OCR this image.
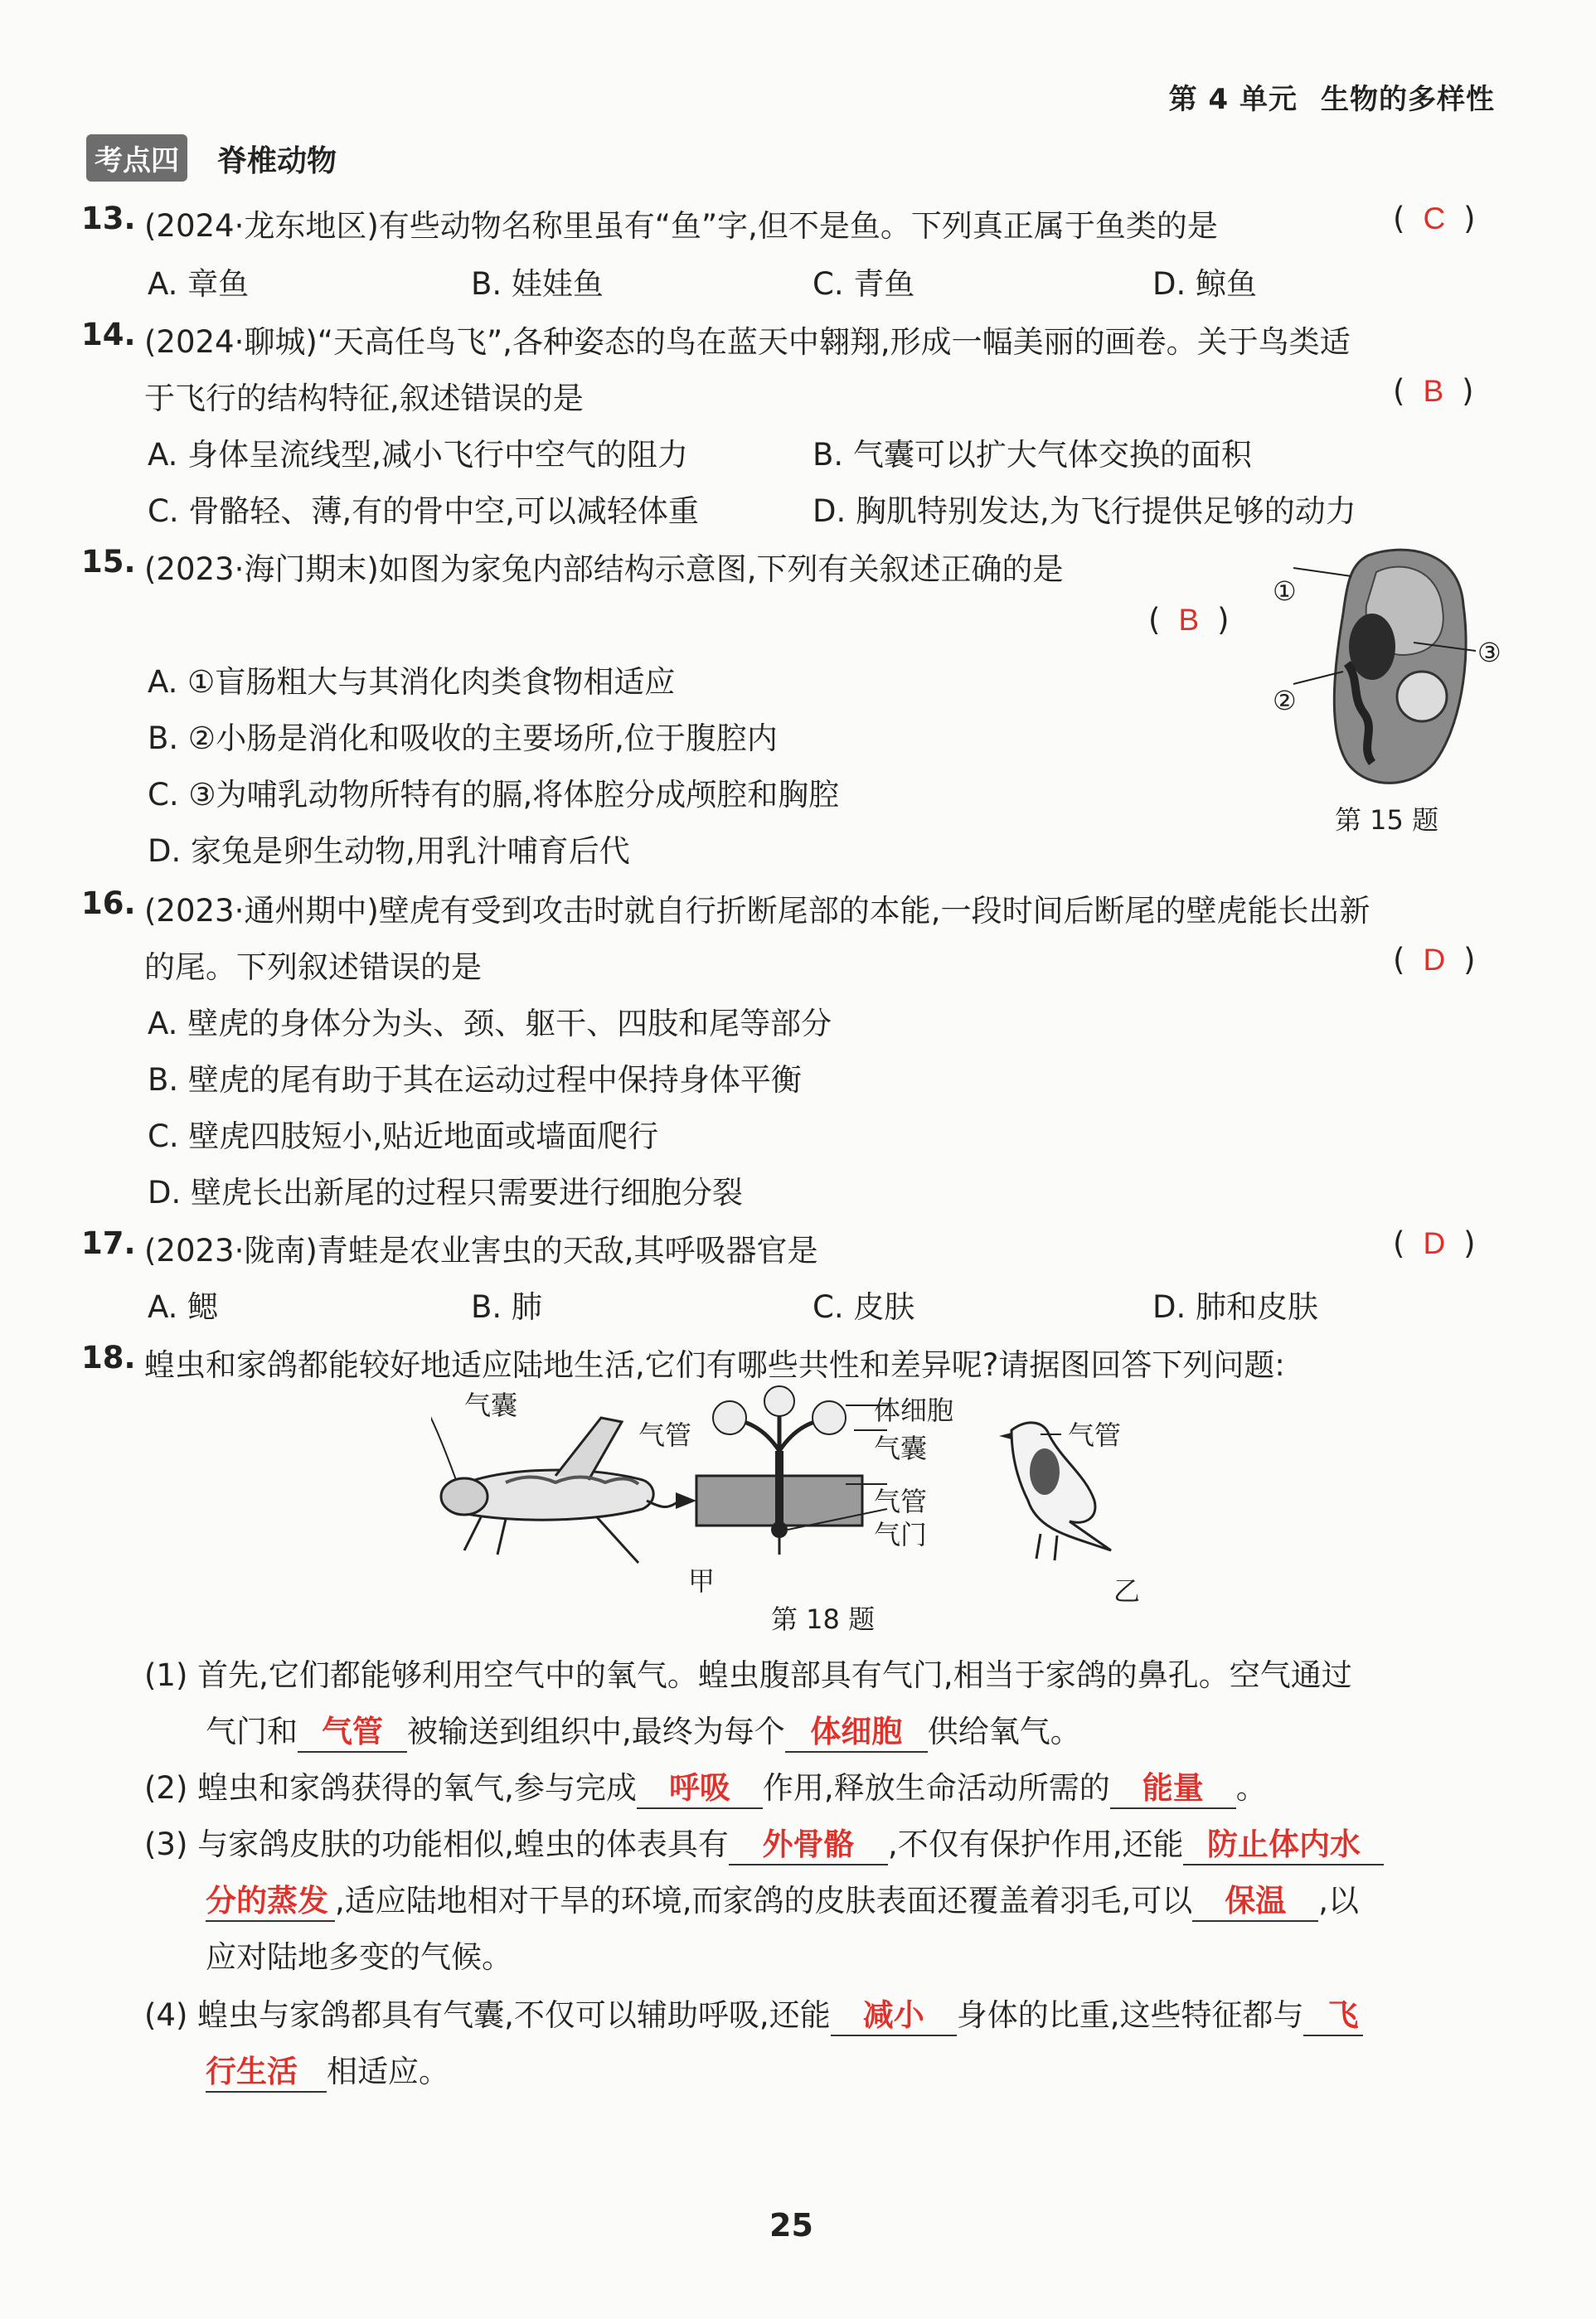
第 4 单元 生物的多样性
考点四 脊椎动物
13. (2024·龙东地区)有些动物名称里虽有“鱼”字,但不是鱼。下列真正属于鱼类的是	( C )
A. 章鱼	B. 娃娃鱼	C. 青鱼	D. 鲸鱼
14. (2024·聊城)“天高任鸟飞”,各种姿态的鸟在蓝天中翱翔,形成一幅美丽的画卷。关于鸟类适
于飞行的结构特征,叙述错误的是	( B )
A. 身体呈流线型,减小飞行中空气的阻力	B. 气囊可以扩大气体交换的面积
C. 骨骼轻、薄,有的骨中空,可以减轻体重	D. 胸肌特别发达,为飞行提供足够的动力
15. (2023·海门期末)如图为家兔内部结构示意图,下列有关叙述正确的是
( B )
A. ①盲肠粗大与其消化肉类食物相适应
B. ②小肠是消化和吸收的主要场所,位于腹腔内
C. ③为哺乳动物所特有的膈,将体腔分成颅腔和胸腔
D. 家兔是卵生动物,用乳汁哺育后代
①
②
③
第 15 题
16. (2023·通州期中)壁虎有受到攻击时就自行折断尾部的本能,一段时间后断尾的壁虎能长出新
的尾。下列叙述错误的是	( D )
A. 壁虎的身体分为头、颈、躯干、四肢和尾等部分
B. 壁虎的尾有助于其在运动过程中保持身体平衡
C. 壁虎四肢短小,贴近地面或墙面爬行
D. 壁虎长出新尾的过程只需要进行细胞分裂
17. (2023·陇南)青蛙是农业害虫的天敌,其呼吸器官是	( D )
A. 鳃	B. 肺	C. 皮肤	D. 肺和皮肤
18. 蝗虫和家鸽都能较好地适应陆地生活,它们有哪些共性和差异呢?请据图回答下列问题:
气囊
气管
体细胞
气囊
气管
气门
气管
甲	乙
第 18 题
(1) 首先,它们都能够利用空气中的氧气。蝗虫腹部具有气门,相当于家鸽的鼻孔。空气通过
气门和 气管 被输送到组织中,最终为每个 体细胞 供给氧气。
(2) 蝗虫和家鸽获得的氧气,参与完成 呼吸 作用,释放生命活动所需的 能量 。
(3) 与家鸽皮肤的功能相似,蝗虫的体表具有 外骨骼 ,不仅有保护作用,还能 防止体内水
分的蒸发 ,适应陆地相对干旱的环境,而家鸽的皮肤表面还覆盖着羽毛,可以 保温 ,以
应对陆地多变的气候。
(4) 蝗虫与家鸽都具有气囊,不仅可以辅助呼吸,还能 减小 身体的比重,这些特征都与 飞
行生活 相适应。
25
